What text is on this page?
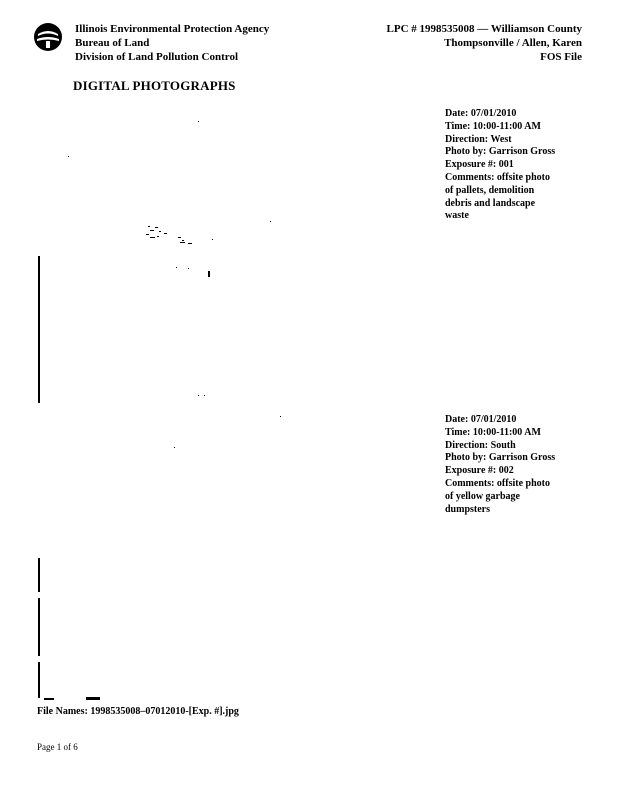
Illinois Environmental Protection Agency
Bureau of Land
Division of Land Pollution Control
LPC # 1998535008 — Williamson County
Thompsonville / Allen, Karen
FOS File
DIGITAL PHOTOGRAPHS
Date: 07/01/2010
Time: 10:00-11:00 AM
Direction: West
Photo by: Garrison Gross
Exposure #: 001
Comments: offsite photo
of pallets, demolition
debris and landscape
waste
Date: 07/01/2010
Time: 10:00-11:00 AM
Direction: South
Photo by: Garrison Gross
Exposure #: 002
Comments: offsite photo
of yellow garbage
dumpsters
File Names: 1998535008–07012010-[Exp. #].jpg
Page 1 of 6
